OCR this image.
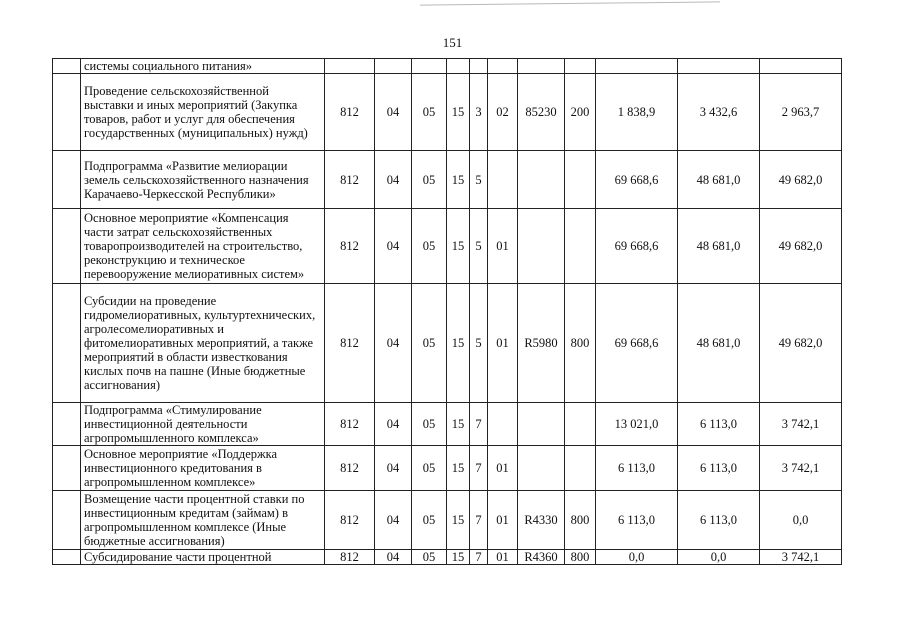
151
	системы социального питания»											
	Проведение сельскохозяйственной выставки и иных мероприятий (Закупка товаров, работ и услуг для обеспечения государственных (муниципальных) нужд)	812	04	05	15	3	02	85230	200	1 838,9	3 432,6	2 963,7
	Подпрограмма «Развитие мелиорации земель сельскохозяйственного назначения Карачаево-Черкесской Республики»	812	04	05	15	5				69 668,6	48 681,0	49 682,0
	Основное мероприятие «Компенсация части затрат сельскохозяйственных товаропроизводителей на строительство, реконструкцию и техническое перевооружение мелиоративных систем»	812	04	05	15	5	01			69 668,6	48 681,0	49 682,0
	Субсидии на проведение гидромелиоративных, культуртехнических, агролесомелиоративных и фитомелиоративных мероприятий, а также мероприятий в области известкования кислых почв на пашне (Иные бюджетные ассигнования)	812	04	05	15	5	01	R5980	800	69 668,6	48 681,0	49 682,0
	Подпрограмма «Стимулирование инвестиционной деятельности агропромышленного комплекса»	812	04	05	15	7				13 021,0	6 113,0	3 742,1
	Основное мероприятие «Поддержка инвестиционного кредитования в агропромышленном комплексе»	812	04	05	15	7	01			6 113,0	6 113,0	3 742,1
	Возмещение части процентной ставки по инвестиционным кредитам (займам) в агропромышленном комплексе (Иные бюджетные ассигнования)	812	04	05	15	7	01	R4330	800	6 113,0	6 113,0	0,0
	Субсидирование части процентной	812	04	05	15	7	01	R4360	800	0,0	0,0	3 742,1
